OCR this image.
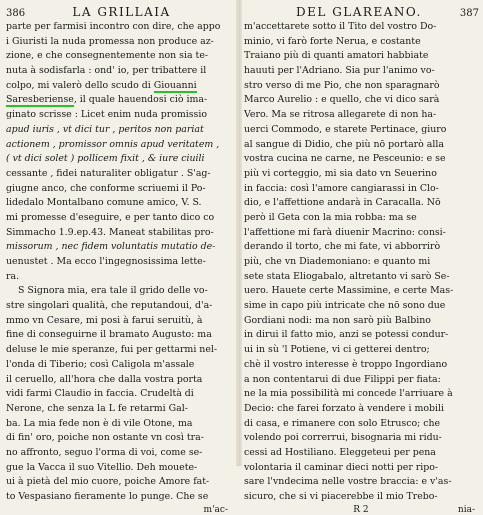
386	LA GRILLAIA
parte per farmisi incontro con dire, che appo
i Giuristi la nuda promessa non produce az-
zione, e che consegnentemente non sia te-
nuta à sodisfarla : ond' io, per tribattere il
colpo, mi valerò dello scudo di Giouanni
Saresberiense, il quale hauendosi ciò ima-
ginato scrisse : Licet enim nuda promissio
apud iuris , vt dici tur , peritos non pariat
actionem , promissor omnis apud veritatem ,
( vt dici solet ) pollicem fixit , & iure ciuili
cessante , fidei naturaliter obligatur . S'ag-
giugne anco, che conforme scriuemi il Po-
lidedalo Montalbano comune amico, V. S.
mi promesse d'eseguire, e per tanto dico co
Simmacho 1.9.ep.43. Maneat stabilitas pro-
missorum , nec fidem voluntatis mutatio de-
uenustet . Ma ecco l'ingegnosissima lette-
ra.
S Signora mia, era tale il grido delle vo-
stre singolari qualità, che reputandoui, d'a-
mmo vn Cesare, mi posi à farui seruitù, à
fine di conseguirne il bramato Augusto: ma
deluse le mie speranze, fui per gettarmi nel-
l'onda di Tiberio; così Caligola m'assale
il ceruello, all'hora che dalla vostra porta
vidi farmi Claudio in faccia. Crudeltà di
Nerone, che senza la L fe retarmi Gal-
ba. La mia fede non è di vile Otone, ma
di fin' oro, poiche non ostante vn così tra-
no affronto, seguo l'orma di voi, come se-
gue la Vacca il suo Vitellio. Deh mouete-
ui à pietà del mio cuore, poiche Amore fat-
to Vespasiano fieramente lo punge. Che se
m'ac-
DEL GLAREANO.	387
m'accettarete sotto il Tito del vostro Do-
minio, vi farò forte Nerua, e costante
Traiano più di quanti amatori habbiate
hauuti per l'Adriano. Sia pur l'animo vo-
stro verso di me Pio, che non sparagnarò
Marco Aurelio : e quello, che vi dico sarà
Vero. Ma se ritrosa allegarete di non ha-
uerci Commodo, e starete Pertinace, giuro
al sangue di Didio, che più nō portarò alla
vostra cucina ne carne, ne Pesceunio: e se
più vi corteggio, mi sia dato vn Seuerino
in faccia: così l'amore cangiarassi in Clo-
dio, e l'affettione andarà in Caracalla. Nō
però il Geta con la mia robba: ma se
l'affettione mi farà diuenir Macrino: consi-
derando il torto, che mi fate, vi abborrirò
più, che vn Diademoniano: e quanto mi
sete stata Eliogabalo, altretanto vi sarò Se-
uero. Hauete certe Massimine, e certe Mas-
sime in capo più intricate che nō sono due
Gordiani nodi: ma non sarò più Balbino
in dirui il fatto mio, anzi se potessi condur-
ui in sù 'l Potiene, vi ci getterei dentro;
chè il vostro interesse è troppo Ingordiano
a non contentarui di due Filippi per fiata:
ne la mia possibilità mi concede l'arriuare à
Decio: che farei forzato à vendere i mobili
di casa, e rimanere con solo Etrusco; che
volendo poi correrrui, bisognaria mi ridu-
cessi ad Hostiliano. Eleggeteui per pena
volontaria il caminar dieci notti per ripo-
sare l'vndecima nelle vostre braccia: e v'as-
sicuro, che si vi piacerebbe il mio Trebo-
R 2	nia-
